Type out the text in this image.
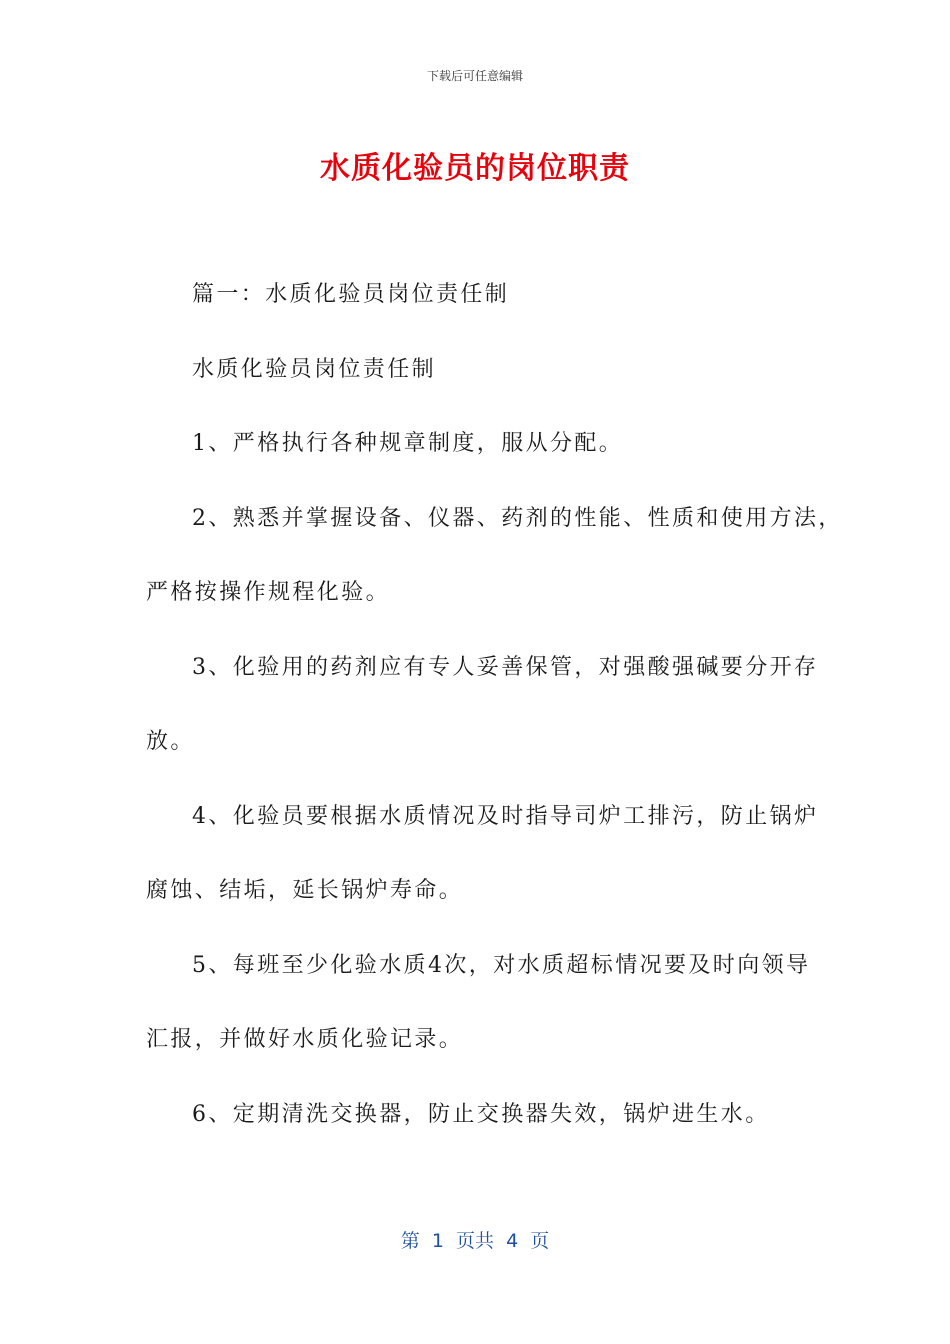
下载后可任意编辑
水质化验员的岗位职责
篇一：水质化验员岗位责任制
水质化验员岗位责任制
1、严格执行各种规章制度，服从分配。
2、熟悉并掌握设备、仪器、药剂的性能、性质和使用方法，
严格按操作规程化验。
3、化验用的药剂应有专人妥善保管，对强酸强碱要分开存
放。
4、化验员要根据水质情况及时指导司炉工排污，防止锅炉
腐蚀、结垢，延长锅炉寿命。
5、每班至少化验水质4次，对水质超标情况要及时向领导
汇报，并做好水质化验记录。
6、定期清洗交换器，防止交换器失效，锅炉进生水。
第  1  页共  4  页
